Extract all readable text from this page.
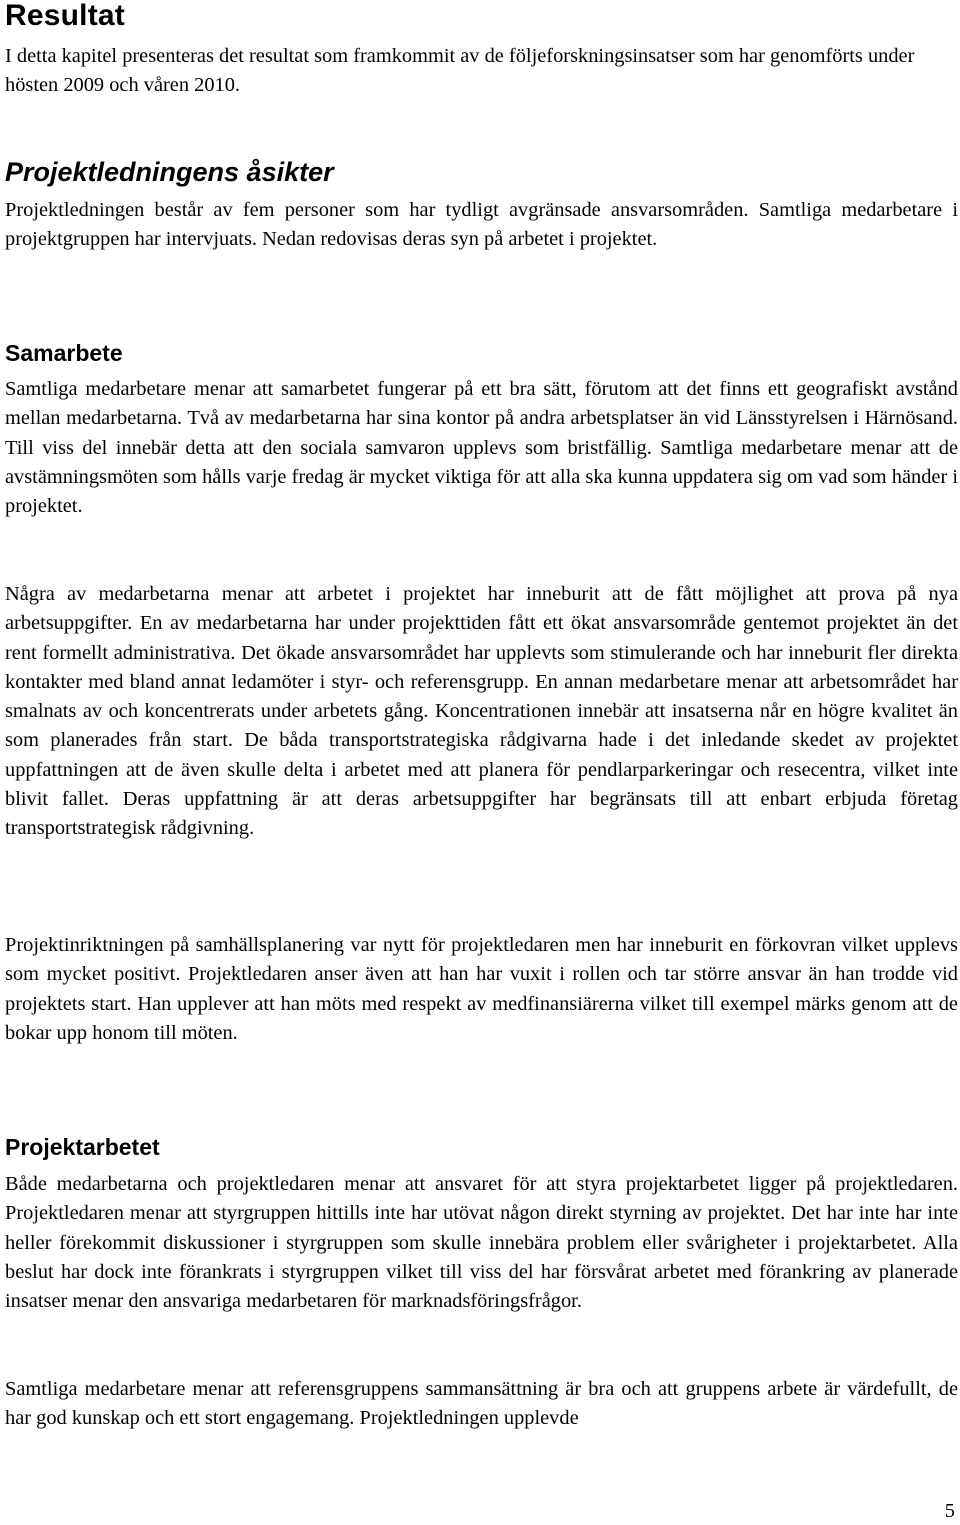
Resultat

I detta kapitel presenteras det resultat som framkommit av de följeforskningsinsatser som har genomförts under hösten 2009 och våren 2010.

Projektledningens åsikter

Projektledningen består av fem personer som har tydligt avgränsade ansvarsområden. Samtliga medarbetare i projektgruppen har intervjuats. Nedan redovisas deras syn på arbetet i projektet.

Samarbete

Samtliga medarbetare menar att samarbetet fungerar på ett bra sätt, förutom att det finns ett geografiskt avstånd mellan medarbetarna. Två av medarbetarna har sina kontor på andra arbetsplatser än vid Länsstyrelsen i Härnösand. Till viss del innebär detta att den sociala samvaron upplevs som bristfällig. Samtliga medarbetare menar att de avstämningsmöten som hålls varje fredag är mycket viktiga för att alla ska kunna uppdatera sig om vad som händer i projektet.

Några av medarbetarna menar att arbetet i projektet har inneburit att de fått möjlighet att prova på nya arbetsuppgifter. En av medarbetarna har under projekttiden fått ett ökat ansvarsområde gentemot projektet än det rent formellt administrativa. Det ökade ansvarsområdet har upplevts som stimulerande och har inneburit fler direkta kontakter med bland annat ledamöter i styr- och referensgrupp. En annan medarbetare menar att arbetsområdet har smalnats av och koncentrerats under arbetets gång. Koncentrationen innebär att insatserna når en högre kvalitet än som planerades från start. De båda transportstrategiska rådgivarna hade i det inledande skedet av projektet uppfattningen att de även skulle delta i arbetet med att planera för pendlarparkeringar och resecentra, vilket inte blivit fallet. Deras uppfattning är att deras arbetsuppgifter har begränsats till att enbart erbjuda företag transportstrategisk rådgivning.

Projektinriktningen på samhällsplanering var nytt för projektledaren men har inneburit en förkovran vilket upplevs som mycket positivt. Projektledaren anser även att han har vuxit i rollen och tar större ansvar än han trodde vid projektets start. Han upplever att han möts med respekt av medfinansiärerna vilket till exempel märks genom att de bokar upp honom till möten.

Projektarbetet

Både medarbetarna och projektledaren menar att ansvaret för att styra projektarbetet ligger på projektledaren. Projektledaren menar att styrgruppen hittills inte har utövat någon direkt styrning av projektet. Det har inte har inte heller förekommit diskussioner i styrgruppen som skulle innebära problem eller svårigheter i projektarbetet. Alla beslut har dock inte förankrats i styrgruppen vilket till viss del har försvårat arbetet med förankring av planerade insatser menar den ansvariga medarbetaren för marknadsföringsfrågor.

Samtliga medarbetare menar att referensgruppens sammansättning är bra och att gruppens arbete är värdefullt, de har god kunskap och ett stort engagemang. Projektledningen upplevde

5
